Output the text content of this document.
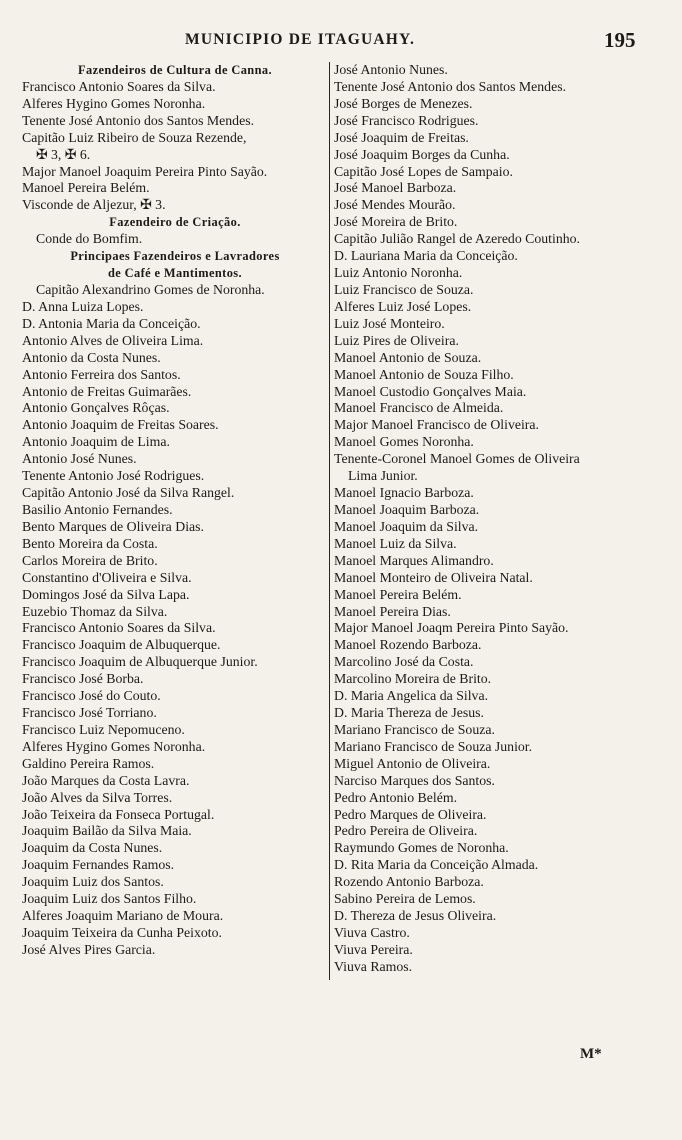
MUNICIPIO DE ITAGUAHY.	195
Fazendeiros de Cultura de Canna.
Francisco Antonio Soares da Silva.
Alferes Hygino Gomes Noronha.
Tenente José Antonio dos Santos Mendes.
Capitão Luiz Ribeiro de Souza Rezende,
✠ 3, ✠ 6.
Major Manoel Joaquim Pereira Pinto Sayão.
Manoel Pereira Belém.
Visconde de Aljezur, ✠ 3.
Fazendeiro de Criação.
Conde do Bomfim.
Principaes Fazendeiros e Lavradores
de Café e Mantimentos.
Capitão Alexandrino Gomes de Noronha.
D. Anna Luiza Lopes.
D. Antonia Maria da Conceição.
Antonio Alves de Oliveira Lima.
Antonio da Costa Nunes.
Antonio Ferreira dos Santos.
Antonio de Freitas Guimarães.
Antonio Gonçalves Rôças.
Antonio Joaquim de Freitas Soares.
Antonio Joaquim de Lima.
Antonio José Nunes.
Tenente Antonio José Rodrigues.
Capitão Antonio José da Silva Rangel.
Basilio Antonio Fernandes.
Bento Marques de Oliveira Dias.
Bento Moreira da Costa.
Carlos Moreira de Brito.
Constantino d'Oliveira e Silva.
Domingos José da Silva Lapa.
Euzebio Thomaz da Silva.
Francisco Antonio Soares da Silva.
Francisco Joaquim de Albuquerque.
Francisco Joaquim de Albuquerque Junior.
Francisco José Borba.
Francisco José do Couto.
Francisco José Torriano.
Francisco Luiz Nepomuceno.
Alferes Hygino Gomes Noronha.
Galdino Pereira Ramos.
João Marques da Costa Lavra.
João Alves da Silva Torres.
João Teixeira da Fonseca Portugal.
Joaquim Bailão da Silva Maia.
Joaquim da Costa Nunes.
Joaquim Fernandes Ramos.
Joaquim Luiz dos Santos.
Joaquim Luiz dos Santos Filho.
Alferes Joaquim Mariano de Moura.
Joaquim Teixeira da Cunha Peixoto.
José Alves Pires Garcia.
José Antonio Nunes.
Tenente José Antonio dos Santos Mendes.
José Borges de Menezes.
José Francisco Rodrigues.
José Joaquim de Freitas.
José Joaquim Borges da Cunha.
Capitão José Lopes de Sampaio.
José Manoel Barboza.
José Mendes Mourão.
José Moreira de Brito.
Capitão Julião Rangel de Azeredo Coutinho.
D. Lauriana Maria da Conceição.
Luiz Antonio Noronha.
Luiz Francisco de Souza.
Alferes Luiz José Lopes.
Luiz José Monteiro.
Luiz Pires de Oliveira.
Manoel Antonio de Souza.
Manoel Antonio de Souza Filho.
Manoel Custodio Gonçalves Maia.
Manoel Francisco de Almeida.
Major Manoel Francisco de Oliveira.
Manoel Gomes Noronha.
Tenente-Coronel Manoel Gomes de Oliveira
Lima Junior.
Manoel Ignacio Barboza.
Manoel Joaquim Barboza.
Manoel Joaquim da Silva.
Manoel Luiz da Silva.
Manoel Marques Alimandro.
Manoel Monteiro de Oliveira Natal.
Manoel Pereira Belém.
Manoel Pereira Dias.
Major Manoel Joaqm Pereira Pinto Sayão.
Manoel Rozendo Barboza.
Marcolino José da Costa.
Marcolino Moreira de Brito.
D. Maria Angelica da Silva.
D. Maria Thereza de Jesus.
Mariano Francisco de Souza.
Mariano Francisco de Souza Junior.
Miguel Antonio de Oliveira.
Narciso Marques dos Santos.
Pedro Antonio Belém.
Pedro Marques de Oliveira.
Pedro Pereira de Oliveira.
Raymundo Gomes de Noronha.
D. Rita Maria da Conceição Almada.
Rozendo Antonio Barboza.
Sabino Pereira de Lemos.
D. Thereza de Jesus Oliveira.
Viuva Castro.
Viuva Pereira.
Viuva Ramos.
M*
